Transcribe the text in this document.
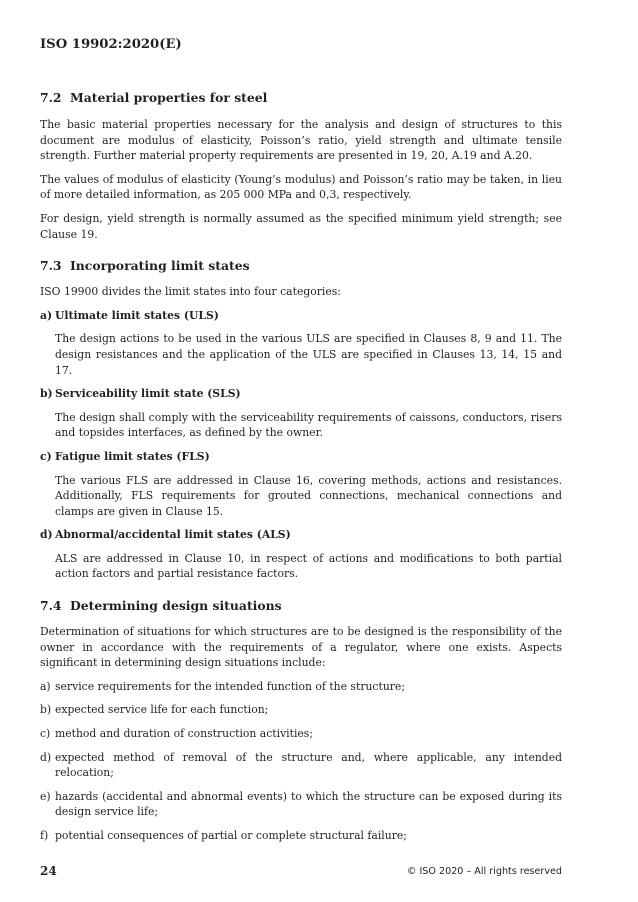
ISO 19902:2020(E)
7.2 Material properties for steel

The basic material properties necessary for the analysis and design of structures to this document are modulus of elasticity, Poisson’s ratio, yield strength and ultimate tensile strength. Further material property requirements are presented in 19, 20, A.19 and A.20.

The values of modulus of elasticity (Young’s modulus) and Poisson’s ratio may be taken, in lieu of more detailed information, as 205 000 MPa and 0,3, respectively.

For design, yield strength is normally assumed as the specified minimum yield strength; see Clause 19.

7.3 Incorporating limit states

ISO 19900 divides the limit states into four categories:

a) Ultimate limit states (ULS)

The design actions to be used in the various ULS are specified in Clauses 8, 9 and 11. The design resistances and the application of the ULS are specified in Clauses 13, 14, 15 and 17.

b) Serviceability limit state (SLS)

The design shall comply with the serviceability requirements of caissons, conductors, risers and topsides interfaces, as defined by the owner.

c) Fatigue limit states (FLS)

The various FLS are addressed in Clause 16, covering methods, actions and resistances. Additionally, FLS requirements for grouted connections, mechanical connections and clamps are given in Clause 15.

d) Abnormal/accidental limit states (ALS)

ALS are addressed in Clause 10, in respect of actions and modifications to both partial action factors and partial resistance factors.

7.4 Determining design situations

Determination of situations for which structures are to be designed is the responsibility of the owner in accordance with the requirements of a regulator, where one exists. Aspects significant in determining design situations include:

a) service requirements for the intended function of the structure;
b) expected service life for each function;
c) method and duration of construction activities;
d) expected method of removal of the structure and, where applicable, any intended relocation;
e) hazards (accidental and abnormal events) to which the structure can be exposed during its design service life;
f) potential consequences of partial or complete structural failure;
24	© ISO 2020 – All rights reserved
